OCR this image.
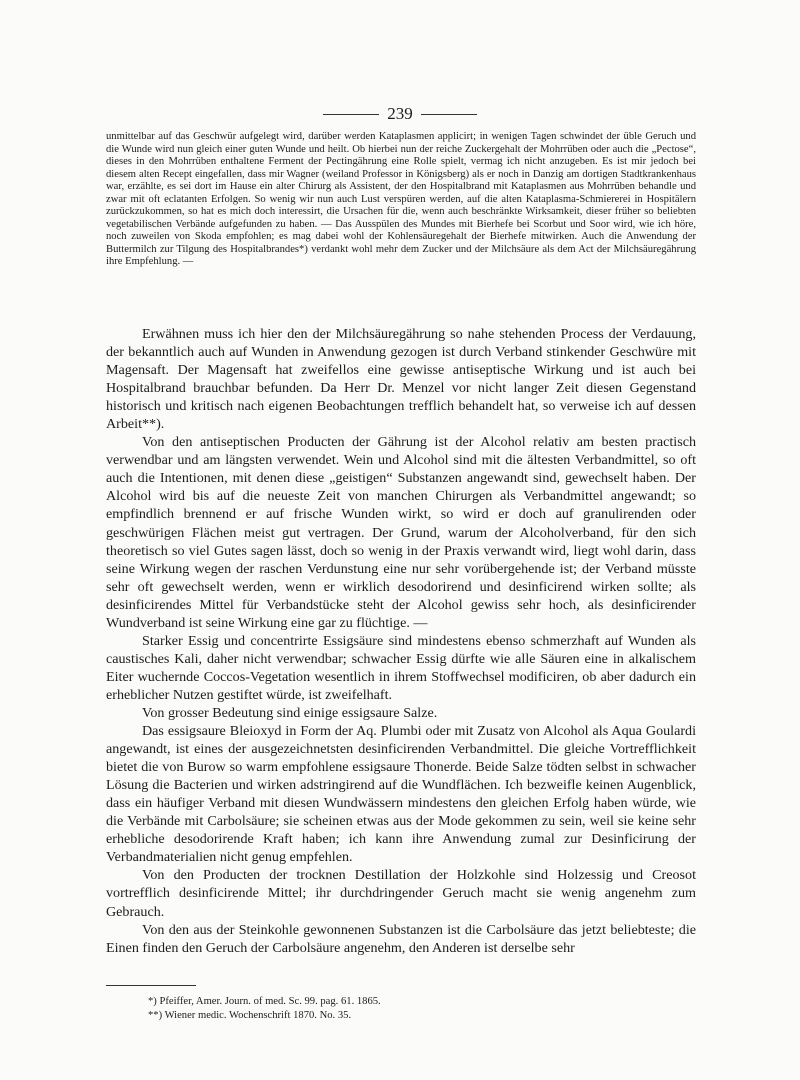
239

unmittelbar auf das Geschwür aufgelegt wird, darüber werden Kataplasmen applicirt; in wenigen Tagen schwindet der üble Geruch und die Wunde wird nun gleich einer guten Wunde und heilt. Ob hierbei nun der reiche Zuckergehalt der Mohrrüben oder auch die „Pectose“, dieses in den Mohrrüben enthaltene Ferment der Pectingährung eine Rolle spielt, vermag ich nicht anzugeben. Es ist mir jedoch bei diesem alten Recept eingefallen, dass mir Wagner (weiland Professor in Königsberg) als er noch in Danzig am dortigen Stadtkrankenhaus war, erzählte, es sei dort im Hause ein alter Chirurg als Assistent, der den Hospitalbrand mit Kataplasmen aus Mohrrüben behandle und zwar mit oft eclatanten Erfolgen. So wenig wir nun auch Lust verspüren werden, auf die alten Kataplasma-Schmiererei in Hospitälern zurückzukommen, so hat es mich doch interessirt, die Ursachen für die, wenn auch beschränkte Wirksamkeit, dieser früher so beliebten vegetabilischen Verbände aufgefunden zu haben. — Das Ausspülen des Mundes mit Bierhefe bei Scorbut und Soor wird, wie ich höre, noch zuweilen von Skoda empfohlen; es mag dabei wohl der Kohlensäuregehalt der Bierhefe mitwirken. Auch die Anwendung der Buttermilch zur Tilgung des Hospitalbrandes*) verdankt wohl mehr dem Zucker und der Milchsäure als dem Act der Milchsäuregährung ihre Empfehlung. —

Erwähnen muss ich hier den der Milchsäuregährung so nahe stehenden Process der Verdauung, der bekanntlich auch auf Wunden in Anwendung gezogen ist durch Verband stinkender Geschwüre mit Magensaft. Der Magensaft hat zweifellos eine gewisse antiseptische Wirkung und ist auch bei Hospitalbrand brauchbar befunden. Da Herr Dr. Menzel vor nicht langer Zeit diesen Gegenstand historisch und kritisch nach eigenen Beobachtungen trefflich behandelt hat, so verweise ich auf dessen Arbeit**).

Von den antiseptischen Producten der Gährung ist der Alcohol relativ am besten practisch verwendbar und am längsten verwendet. Wein und Alcohol sind mit die ältesten Verbandmittel, so oft auch die Intentionen, mit denen diese „geistigen“ Substanzen angewandt sind, gewechselt haben. Der Alcohol wird bis auf die neueste Zeit von manchen Chirurgen als Verbandmittel angewandt; so empfindlich brennend er auf frische Wunden wirkt, so wird er doch auf granulirenden oder geschwürigen Flächen meist gut vertragen. Der Grund, warum der Alcoholverband, für den sich theoretisch so viel Gutes sagen lässt, doch so wenig in der Praxis verwandt wird, liegt wohl darin, dass seine Wirkung wegen der raschen Verdunstung eine nur sehr vorübergehende ist; der Verband müsste sehr oft gewechselt werden, wenn er wirklich desodorirend und desinficirend wirken sollte; als desinficirendes Mittel für Verbandstücke steht der Alcohol gewiss sehr hoch, als desinficirender Wundverband ist seine Wirkung eine gar zu flüchtige. —

Starker Essig und concentrirte Essigsäure sind mindestens ebenso schmerzhaft auf Wunden als caustisches Kali, daher nicht verwendbar; schwacher Essig dürfte wie alle Säuren eine in alkalischem Eiter wuchernde Coccos-Vegetation wesentlich in ihrem Stoffwechsel modificiren, ob aber dadurch ein erheblicher Nutzen gestiftet würde, ist zweifelhaft.

Von grosser Bedeutung sind einige essigsaure Salze.

Das essigsaure Bleioxyd in Form der Aq. Plumbi oder mit Zusatz von Alcohol als Aqua Goulardi angewandt, ist eines der ausgezeichnetsten desinficirenden Verbandmittel. Die gleiche Vortrefflichkeit bietet die von Burow so warm empfohlene essigsaure Thonerde. Beide Salze tödten selbst in schwacher Lösung die Bacterien und wirken adstringirend auf die Wundflächen. Ich bezweifle keinen Augenblick, dass ein häufiger Verband mit diesen Wundwässern mindestens den gleichen Erfolg haben würde, wie die Verbände mit Carbolsäure; sie scheinen etwas aus der Mode gekommen zu sein, weil sie keine sehr erhebliche desodorirende Kraft haben; ich kann ihre Anwendung zumal zur Desinficirung der Verbandmaterialien nicht genug empfehlen.

Von den Producten der trocknen Destillation der Holzkohle sind Holzessig und Creosot vortrefflich desinficirende Mittel; ihr durchdringender Geruch macht sie wenig angenehm zum Gebrauch.

Von den aus der Steinkohle gewonnenen Substanzen ist die Carbolsäure das jetzt beliebteste; die Einen finden den Geruch der Carbolsäure angenehm, den Anderen ist derselbe sehr

*) Pfeiffer, Amer. Journ. of med. Sc. 99. pag. 61. 1865.
**) Wiener medic. Wochenschrift 1870. No. 35.
